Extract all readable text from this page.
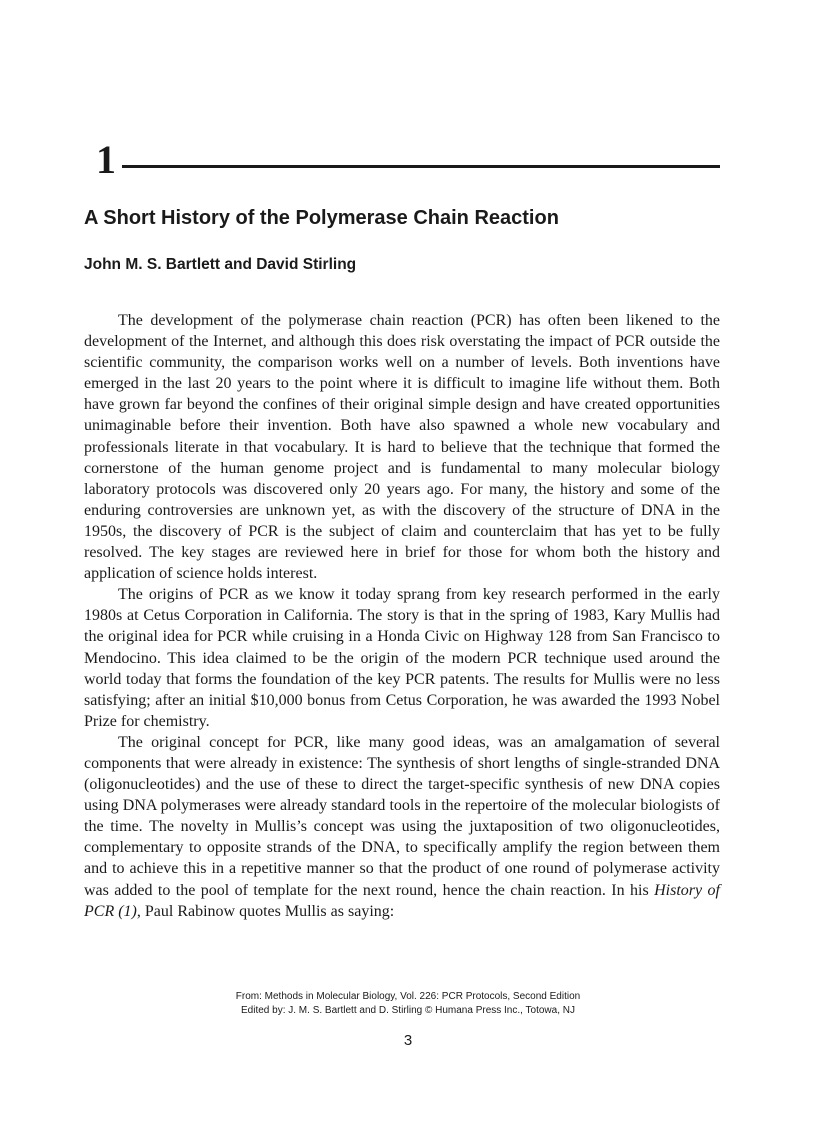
1
A Short History of the Polymerase Chain Reaction
John M. S. Bartlett and David Stirling

The development of the polymerase chain reaction (PCR) has often been likened to the development of the Internet, and although this does risk overstating the impact of PCR outside the scientific community, the comparison works well on a number of levels. Both inventions have emerged in the last 20 years to the point where it is difficult to imagine life without them. Both have grown far beyond the confines of their original simple design and have created opportunities unimaginable before their invention. Both have also spawned a whole new vocabulary and professionals literate in that vocabulary. It is hard to believe that the technique that formed the cornerstone of the human genome project and is fundamental to many molecular biology laboratory protocols was discovered only 20 years ago. For many, the history and some of the enduring controversies are unknown yet, as with the discovery of the structure of DNA in the 1950s, the discovery of PCR is the subject of claim and counterclaim that has yet to be fully resolved. The key stages are reviewed here in brief for those for whom both the history and application of science holds interest.

The origins of PCR as we know it today sprang from key research performed in the early 1980s at Cetus Corporation in California. The story is that in the spring of 1983, Kary Mullis had the original idea for PCR while cruising in a Honda Civic on Highway 128 from San Francisco to Mendocino. This idea claimed to be the origin of the modern PCR technique used around the world today that forms the foundation of the key PCR patents. The results for Mullis were no less satisfying; after an initial $10,000 bonus from Cetus Corporation, he was awarded the 1993 Nobel Prize for chemistry.

The original concept for PCR, like many good ideas, was an amalgamation of several components that were already in existence: The synthesis of short lengths of single-stranded DNA (oligonucleotides) and the use of these to direct the target-specific synthesis of new DNA copies using DNA polymerases were already standard tools in the repertoire of the molecular biologists of the time. The novelty in Mullis’s concept was using the juxtaposition of two oligonucleotides, complementary to opposite strands of the DNA, to specifically amplify the region between them and to achieve this in a repetitive manner so that the product of one round of polymerase activity was added to the pool of template for the next round, hence the chain reaction. In his History of PCR (1), Paul Rabinow quotes Mullis as saying:

From: Methods in Molecular Biology, Vol. 226: PCR Protocols, Second Edition
Edited by: J. M. S. Bartlett and D. Stirling © Humana Press Inc., Totowa, NJ
3
